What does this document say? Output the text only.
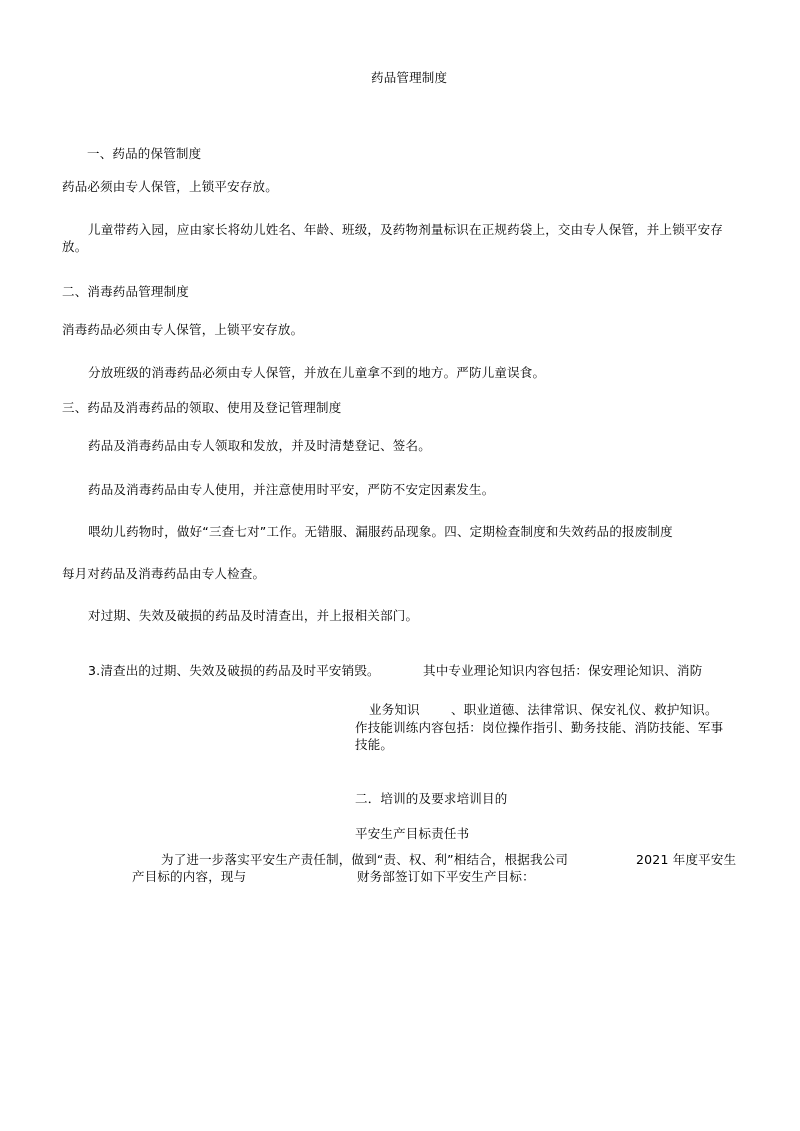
药品管理制度
一、药品的保管制度
药品必须由专人保管，上锁平安存放。
儿童带药入园，应由家长将幼儿姓名、年龄、班级，及药物剂量标识在正规药袋上，交由专人保管，并上锁平安存放。
二、消毒药品管理制度
消毒药品必须由专人保管，上锁平安存放。
分放班级的消毒药品必须由专人保管，并放在儿童拿不到的地方。严防儿童误食。
三、药品及消毒药品的领取、使用及登记管理制度
药品及消毒药品由专人领取和发放，并及时清楚登记、签名。
药品及消毒药品由专人使用，并注意使用时平安，严防不安定因素发生。
喂幼儿药物时，做好“三查七对”工作。无错服、漏服药品现象。四、定期检查制度和失效药品的报废制度
每月对药品及消毒药品由专人检查。
对过期、失效及破损的药品及时清查出，并上报相关部门。
3.清查出的过期、失效及破损的药品及时平安销毁。	其中专业理论知识内容包括：保安理论知识、消防
业务知识 、职业道德、法律常识、保安礼仪、救护知识。
作技能训练内容包括：岗位操作指引、勤务技能、消防技能、军事技能。
二．培训的及要求培训目的
平安生产目标责任书
为了进一步落实平安生产责任制，做到“责、权、利”相结合，根据我公司	2021 年度平安生
产目标的内容，现与	财务部签订如下平安生产目标：
